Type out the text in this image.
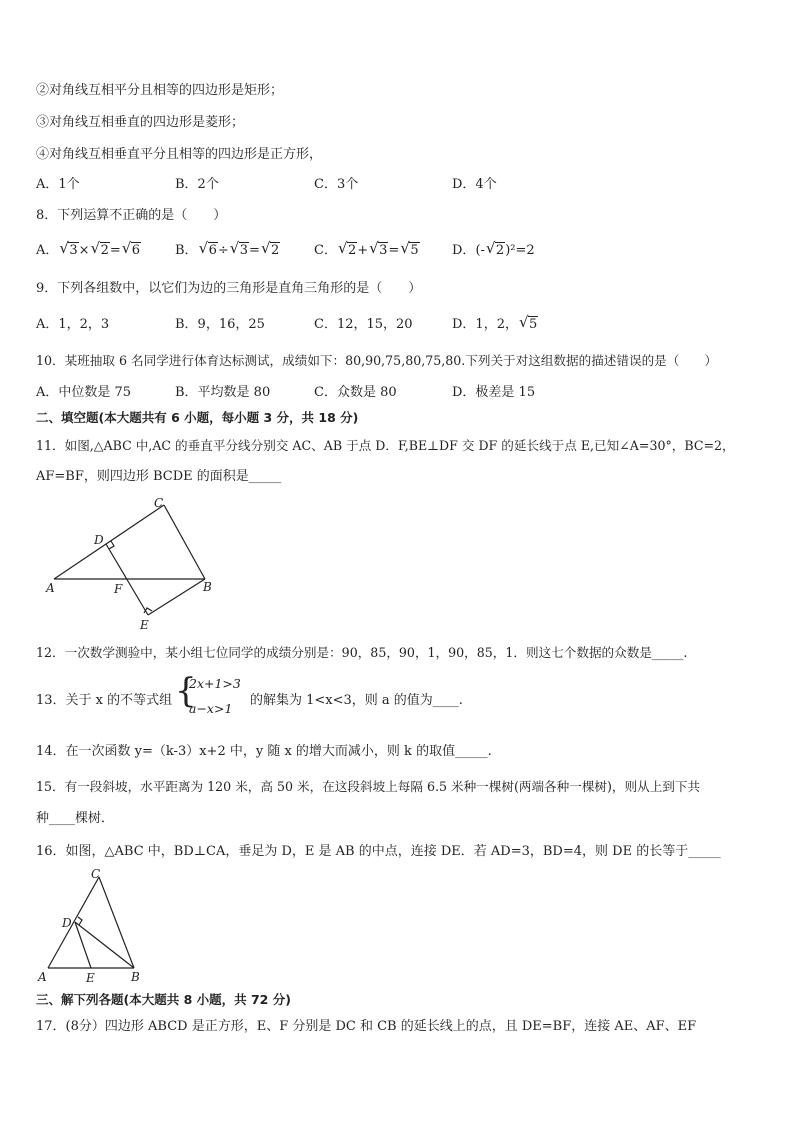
②对角线互相平分且相等的四边形是矩形；
③对角线互相垂直的四边形是菱形；
④对角线互相垂直平分且相等的四边形是正方形，
A．1个	B．2个	C．3个	D．4个
8．下列运算不正确的是（　　）
A． √ 3× √ 2= √ 6	B． √ 6÷ √ 3= √ 2	C． √ 2+ √ 3= √ 5	D．(- √ 2)²=2
9．下列各组数中，以它们为边的三角形是直角三角形的是（　　）
A．1，2，3	B．9，16，25	C．12，15，20	D．1，2， √ 5
10．某班抽取 6 名同学进行体育达标测试，成绩如下：80,90,75,80,75,80.下列关于对这组数据的描述错误的是（　　）
A．中位数是 75	B．平均数是 80	C．众数是 80	D．极差是 15
二、填空题(本大题共有 6 小题，每小题 3 分，共 18 分)
11．如图,△ABC 中,AC 的垂直平分线分别交 AC、AB 于点 D．F,BE⊥DF 交 DF 的延长线于点 E,已知∠A=30°，BC=2，
AF=BF，则四边形 BCDE 的面积是_____
C
D
A	F	B
E
12．一次数学测验中，某小组七位同学的成绩分别是：90，85，90，1，90，85，1．则这七个数据的众数是_____.
13．关于 x 的不等式组 {
2x+1>3
a−x>1
的解集为 1<x<3，则 a 的值为____.
14．在一次函数 y=（k-3）x+2 中，y 随 x 的增大而减小，则 k 的取值_____.
15．有一段斜坡，水平距离为 120 米，高 50 米，在这段斜坡上每隔 6.5 米种一棵树(两端各种一棵树)，则从上到下共
种____棵树．
16．如图，△ABC 中，BD⊥CA，垂足为 D，E 是 AB 的中点，连接 DE．若 AD=3，BD=4，则 DE 的长等于_____
C
D
A	E	B
三、解下列各题(本大题共 8 小题，共 72 分)
17．(8分）四边形 ABCD 是正方形，E、F 分别是 DC 和 CB 的延长线上的点，且 DE=BF，连接 AE、AF、EF
